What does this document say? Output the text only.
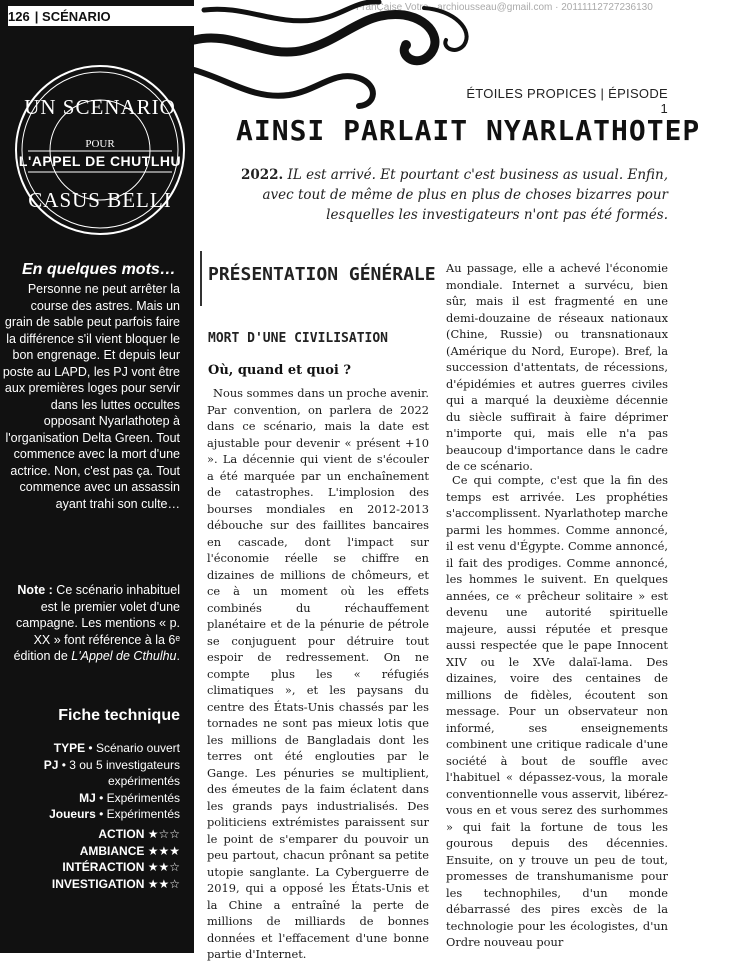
126 | SCÉNARIO
UN SCENARIO
POUR
L'APPEL DE CHUTLHU
CASUS BELLI
En quelques mots…

Personne ne peut arrêter la course des astres. Mais un grain de sable peut parfois faire la différence s'il vient bloquer le bon engrenage. Et depuis leur poste au LAPD, les PJ vont être aux premières loges pour servir dans les luttes occultes opposant Nyarlathotep à l'organisation Delta Green. Tout commence avec la mort d'une actrice. Non, c'est pas ça. Tout commence avec un assassin ayant trahi son culte…

Note : Ce scénario inhabituel est le premier volet d'une campagne. Les mentions « p. XX » font référence à la 6ᵉ édition de L'Appel de Cthulhu.

Fiche technique
TYPE • Scénario ouvert
PJ • 3 ou 5 investigateurs expérimentés
MJ • Expérimentés
Joueurs • Expérimentés
ACTION ★☆☆
AMBIANCE ★★★
INTÉRACTION ★★☆
INVESTIGATION ★★☆
FranÇaise Votre · archiousseau@gmail.com · 20111112727236130
ÉTOILES PROPICES | ÉPISODE 1
AINSI PARLAIT NYARLATHOTEP

2022. IL est arrivé. Et pourtant c'est business as usual. Enfin, avec tout de même de plus en plus de choses bizarres pour lesquelles les investigateurs n'ont pas été formés.

PRÉSENTATION GÉNÉRALE
MORT D'UNE CIVILISATION
Où, quand et quoi ?

Nous sommes dans un proche avenir. Par convention, on parlera de 2022 dans ce scénario, mais la date est ajustable pour devenir « présent +10 ». La décennie qui vient de s'écouler a été marquée par un enchaînement de catastrophes. L'implosion des bourses mondiales en 2012-2013 débouche sur des faillites bancaires en cascade, dont l'impact sur l'économie réelle se chiffre en dizaines de millions de chômeurs, et ce à un moment où les effets combinés du réchauffement planétaire et de la pénurie de pétrole se conjuguent pour détruire tout espoir de redressement. On ne compte plus les « réfugiés climatiques », et les paysans du centre des États-Unis chassés par les tornades ne sont pas mieux lotis que les millions de Bangladais dont les terres ont été englouties par le Gange. Les pénuries se multiplient, des émeutes de la faim éclatent dans les grands pays industrialisés. Des politiciens extrémistes paraissent sur le point de s'emparer du pouvoir un peu partout, chacun prônant sa petite utopie sanglante. La Cyberguerre de 2019, qui a opposé les États-Unis et la Chine a entraîné la perte de millions de milliards de bonnes données et l'effacement d'une bonne partie d'Internet.

Au passage, elle a achevé l'économie mondiale. Internet a survécu, bien sûr, mais il est fragmenté en une demi-douzaine de réseaux nationaux (Chine, Russie) ou transnationaux (Amérique du Nord, Europe). Bref, la succession d'attentats, de récessions, d'épidémies et autres guerres civiles qui a marqué la deuxième décennie du siècle suffirait à faire déprimer n'importe qui, mais elle n'a pas beaucoup d'importance dans le cadre de ce scénario.

Ce qui compte, c'est que la fin des temps est arrivée. Les prophéties s'accomplissent. Nyarlathotep marche parmi les hommes. Comme annoncé, il est venu d'Égypte. Comme annoncé, il fait des prodiges. Comme annoncé, les hommes le suivent. En quelques années, ce « prêcheur solitaire » est devenu une autorité spirituelle majeure, aussi réputée et presque aussi respectée que le pape Innocent XIV ou le XVe dalaï-lama. Des dizaines, voire des centaines de millions de fidèles, écoutent son message. Pour un observateur non informé, ses enseignements combinent une critique radicale d'une société à bout de souffle avec l'habituel « dépassez-vous, la morale conventionnelle vous asservit, libérez-vous en et vous serez des surhommes » qui fait la fortune de tous les gourous depuis des décennies. Ensuite, on y trouve un peu de tout, promesses de transhumanisme pour les technophiles, d'un monde débarrassé des pires excès de la technologie pour les écologistes, d'un Ordre nouveau pour
